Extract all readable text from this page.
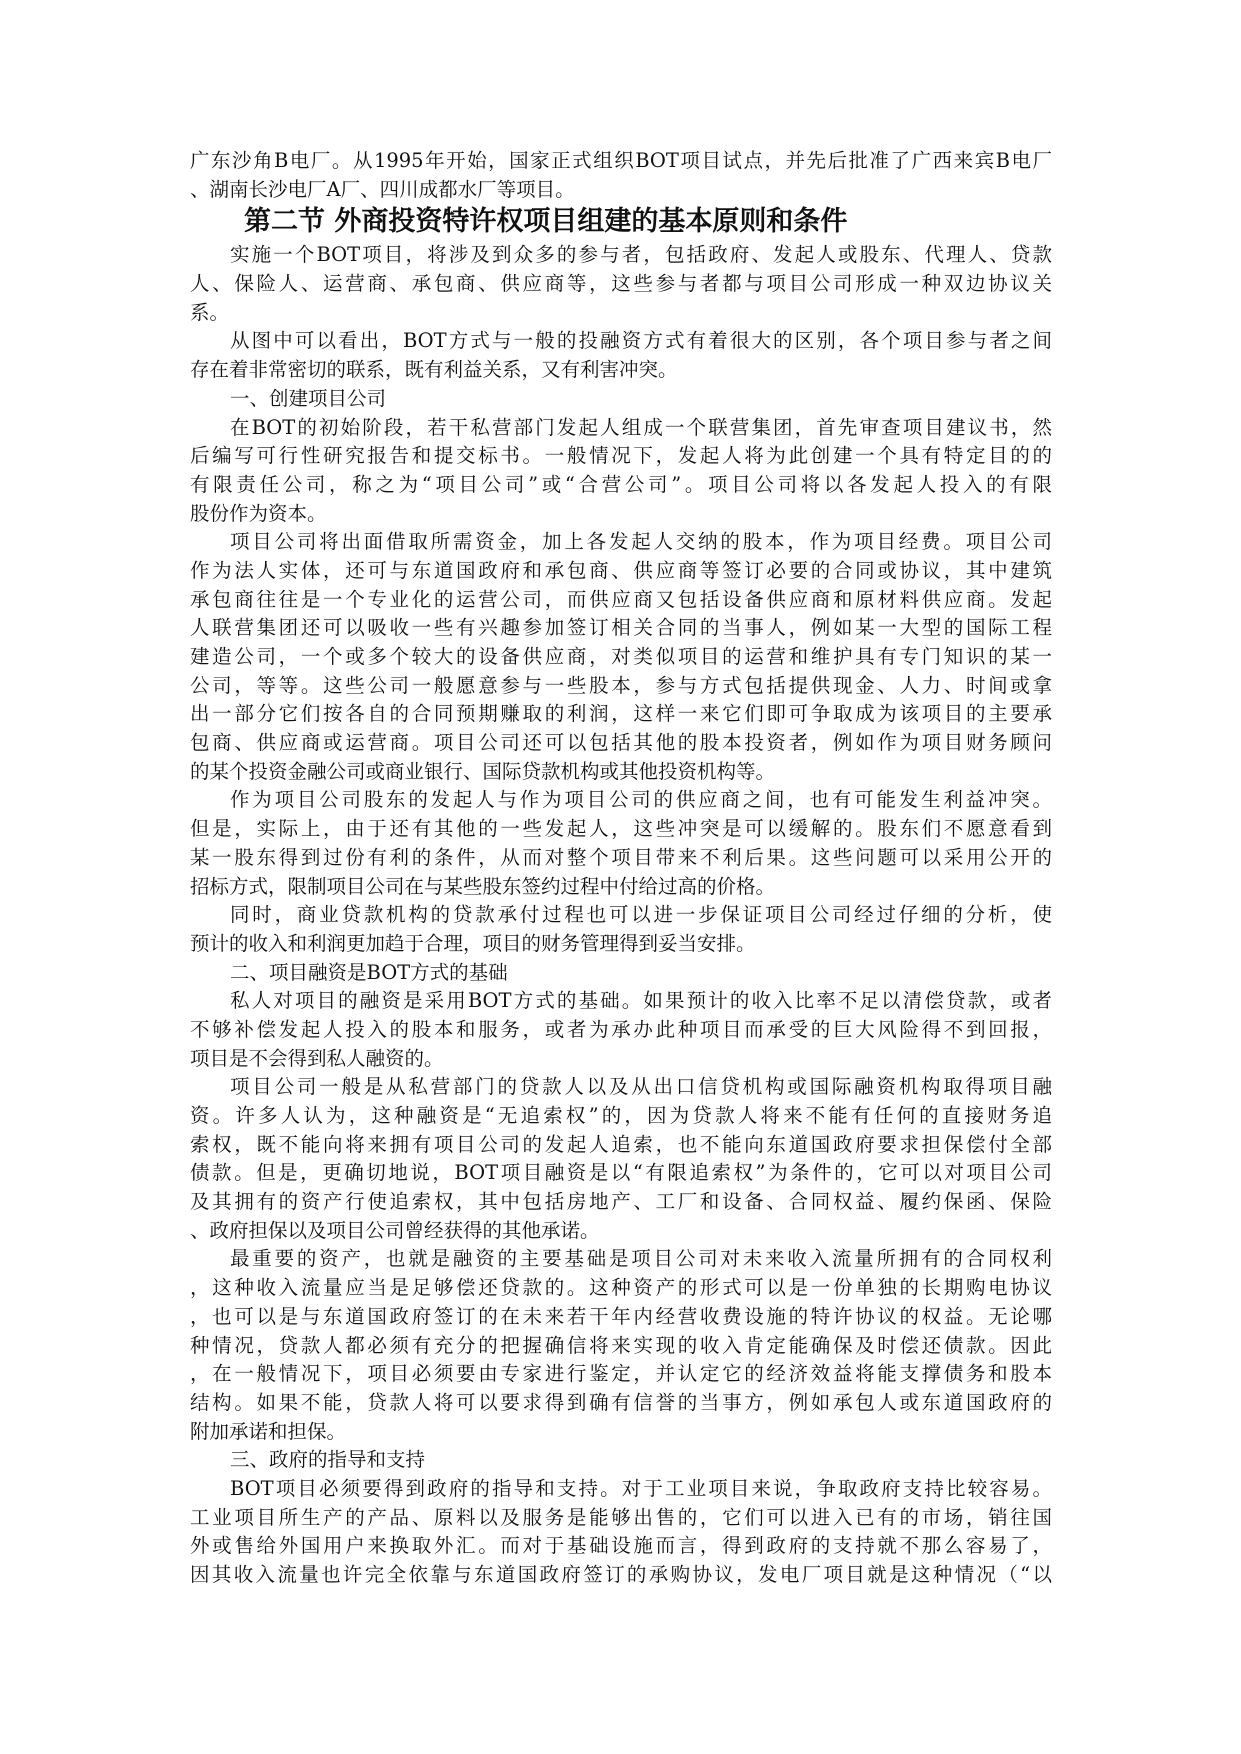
广东沙角B电厂。从1995年开始，国家正式组织BOT项目试点，并先后批准了广西来宾B电厂
、湖南长沙电厂A厂、四川成都水厂等项目。
第二节 外商投资特许权项目组建的基本原则和条件
实施一个BOT项目，将涉及到众多的参与者，包括政府、发起人或股东、代理人、贷款
人、保险人、运营商、承包商、供应商等，这些参与者都与项目公司形成一种双边协议关
系。
从图中可以看出，BOT方式与一般的投融资方式有着很大的区别，各个项目参与者之间
存在着非常密切的联系，既有利益关系，又有利害冲突。
一、创建项目公司
在BOT的初始阶段，若干私营部门发起人组成一个联营集团，首先审查项目建议书，然
后编写可行性研究报告和提交标书。一般情况下，发起人将为此创建一个具有特定目的的
有限责任公司，称之为“项目公司”或“合营公司”。项目公司将以各发起人投入的有限
股份作为资本。
项目公司将出面借取所需资金，加上各发起人交纳的股本，作为项目经费。项目公司
作为法人实体，还可与东道国政府和承包商、供应商等签订必要的合同或协议，其中建筑
承包商往往是一个专业化的运营公司，而供应商又包括设备供应商和原材料供应商。发起
人联营集团还可以吸收一些有兴趣参加签订相关合同的当事人，例如某一大型的国际工程
建造公司，一个或多个较大的设备供应商，对类似项目的运营和维护具有专门知识的某一
公司，等等。这些公司一般愿意参与一些股本，参与方式包括提供现金、人力、时间或拿
出一部分它们按各自的合同预期赚取的利润，这样一来它们即可争取成为该项目的主要承
包商、供应商或运营商。项目公司还可以包括其他的股本投资者，例如作为项目财务顾问
的某个投资金融公司或商业银行、国际贷款机构或其他投资机构等。
作为项目公司股东的发起人与作为项目公司的供应商之间，也有可能发生利益冲突。
但是，实际上，由于还有其他的一些发起人，这些冲突是可以缓解的。股东们不愿意看到
某一股东得到过份有利的条件，从而对整个项目带来不利后果。这些问题可以采用公开的
招标方式，限制项目公司在与某些股东签约过程中付给过高的价格。
同时，商业贷款机构的贷款承付过程也可以进一步保证项目公司经过仔细的分析，使
预计的收入和利润更加趋于合理，项目的财务管理得到妥当安排。
二、项目融资是BOT方式的基础
私人对项目的融资是采用BOT方式的基础。如果预计的收入比率不足以清偿贷款，或者
不够补偿发起人投入的股本和服务，或者为承办此种项目而承受的巨大风险得不到回报，
项目是不会得到私人融资的。
项目公司一般是从私营部门的贷款人以及从出口信贷机构或国际融资机构取得项目融
资。许多人认为，这种融资是“无追索权”的，因为贷款人将来不能有任何的直接财务追
索权，既不能向将来拥有项目公司的发起人追索，也不能向东道国政府要求担保偿付全部
债款。但是，更确切地说，BOT项目融资是以“有限追索权”为条件的，它可以对项目公司
及其拥有的资产行使追索权，其中包括房地产、工厂和设备、合同权益、履约保函、保险
、政府担保以及项目公司曾经获得的其他承诺。
最重要的资产，也就是融资的主要基础是项目公司对未来收入流量所拥有的合同权利
，这种收入流量应当是足够偿还贷款的。这种资产的形式可以是一份单独的长期购电协议
，也可以是与东道国政府签订的在未来若干年内经营收费设施的特许协议的权益。无论哪
种情况，贷款人都必须有充分的把握确信将来实现的收入肯定能确保及时偿还债款。因此
，在一般情况下，项目必须要由专家进行鉴定，并认定它的经济效益将能支撑债务和股本
结构。如果不能，贷款人将可以要求得到确有信誉的当事方，例如承包人或东道国政府的
附加承诺和担保。
三、政府的指导和支持
BOT项目必须要得到政府的指导和支持。对于工业项目来说，争取政府支持比较容易。
工业项目所生产的产品、原料以及服务是能够出售的，它们可以进入已有的市场，销往国
外或售给外国用户来换取外汇。而对于基础设施而言，得到政府的支持就不那么容易了，
因其收入流量也许完全依靠与东道国政府签订的承购协议，发电厂项目就是这种情况（“以
